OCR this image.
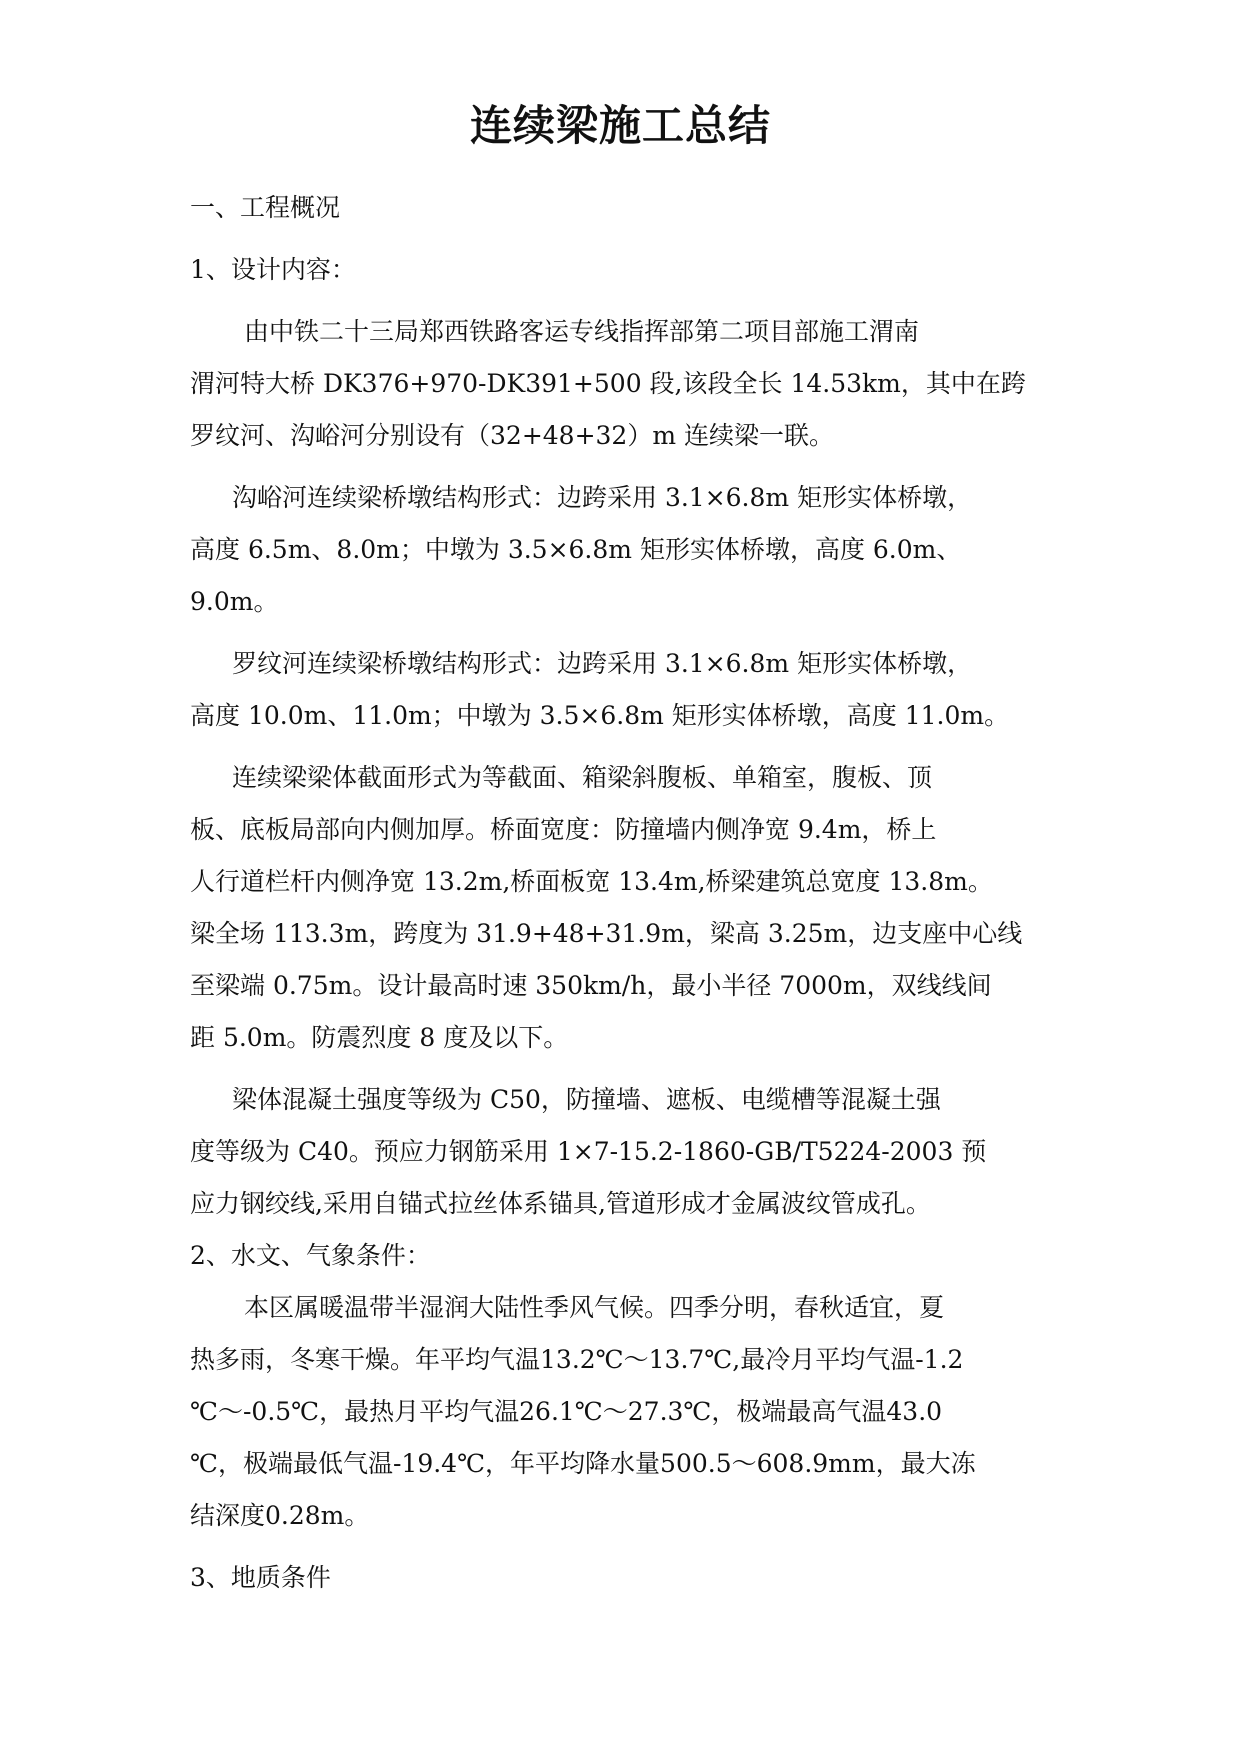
连续梁施工总结
一、工程概况
1、设计内容：
由中铁二十三局郑西铁路客运专线指挥部第二项目部施工渭南
渭河特大桥 DK376+970-DK391+500 段,该段全长 14.53km，其中在跨
罗纹河、沟峪河分别设有（32+48+32）m 连续梁一联。
沟峪河连续梁桥墩结构形式：边跨采用 3.1×6.8m 矩形实体桥墩，
高度 6.5m、8.0m；中墩为 3.5×6.8m 矩形实体桥墩，高度 6.0m、
9.0m。
罗纹河连续梁桥墩结构形式：边跨采用 3.1×6.8m 矩形实体桥墩，
高度 10.0m、11.0m；中墩为 3.5×6.8m 矩形实体桥墩，高度 11.0m。
连续梁梁体截面形式为等截面、箱梁斜腹板、单箱室，腹板、顶
板、底板局部向内侧加厚。桥面宽度：防撞墙内侧净宽 9.4m，桥上
人行道栏杆内侧净宽 13.2m,桥面板宽 13.4m,桥梁建筑总宽度 13.8m。
梁全场 113.3m，跨度为 31.9+48+31.9m，梁高 3.25m，边支座中心线
至梁端 0.75m。设计最高时速 350km/h，最小半径 7000m，双线线间
距 5.0m。防震烈度 8 度及以下。
梁体混凝土强度等级为 C50，防撞墙、遮板、电缆槽等混凝土强
度等级为 C40。预应力钢筋采用 1×7-15.2-1860-GB/T5224-2003 预
应力钢绞线,采用自锚式拉丝体系锚具,管道形成才金属波纹管成孔。
2、水文、气象条件：
本区属暖温带半湿润大陆性季风气候。四季分明，春秋适宜，夏
热多雨，冬寒干燥。年平均气温13.2℃～13.7℃,最冷月平均气温-1.2
℃～-0.5℃，最热月平均气温26.1℃～27.3℃，极端最高气温43.0
℃，极端最低气温-19.4℃，年平均降水量500.5～608.9mm，最大冻
结深度0.28m。
3、地质条件
